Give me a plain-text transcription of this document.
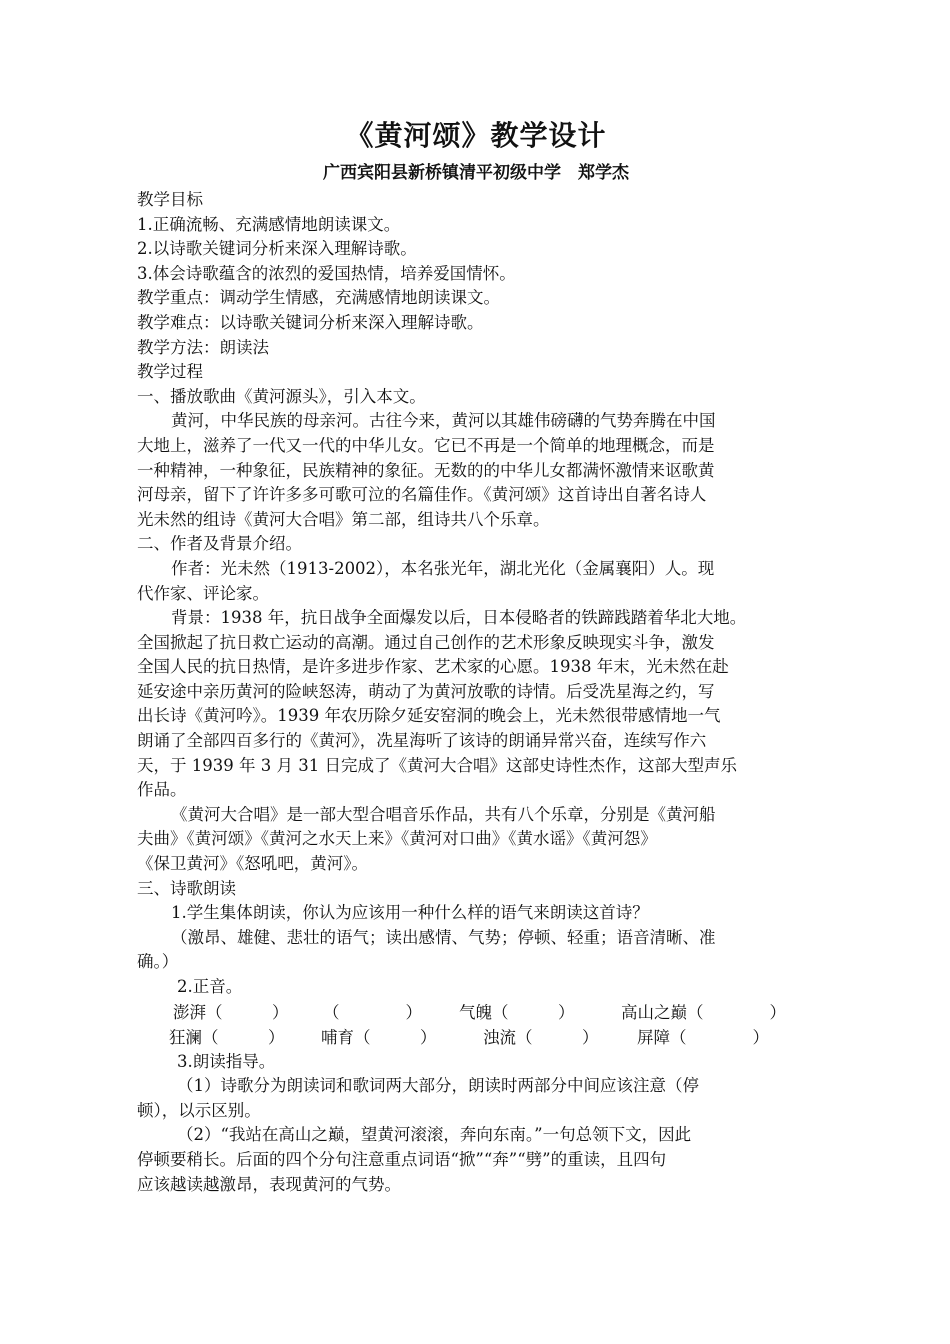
《黄河颂》教学设计
广西宾阳县新桥镇清平初级中学　郑学杰
教学目标
1.正确流畅、充满感情地朗读课文。
2.以诗歌关键词分析来深入理解诗歌。
3.体会诗歌蕴含的浓烈的爱国热情，培养爱国情怀。
教学重点：调动学生情感，充满感情地朗读课文。
教学难点：以诗歌关键词分析来深入理解诗歌。
教学方法：朗读法
教学过程
一、播放歌曲《黄河源头》，引入本文。
黄河，中华民族的母亲河。古往今来，黄河以其雄伟磅礴的气势奔腾在中国
大地上，滋养了一代又一代的中华儿女。它已不再是一个简单的地理概念，而是
一种精神，一种象征，民族精神的象征。无数的的中华儿女都满怀激情来讴歌黄
河母亲，留下了许许多多可歌可泣的名篇佳作。《黄河颂》这首诗出自著名诗人
光未然的组诗《黄河大合唱》第二部，组诗共八个乐章。
二、作者及背景介绍。
作者：光未然（1913-2002），本名张光年，湖北光化（金属襄阳）人。现
代作家、评论家。
背景：1938 年，抗日战争全面爆发以后，日本侵略者的铁蹄践踏着华北大地。
全国掀起了抗日救亡运动的高潮。通过自己创作的艺术形象反映现实斗争，激发
全国人民的抗日热情，是许多进步作家、艺术家的心愿。1938 年末，光未然在赴
延安途中亲历黄河的险峡怒涛，萌动了为黄河放歌的诗情。后受冼星海之约，写
出长诗《黄河吟》。1939 年农历除夕延安窑洞的晚会上，光未然很带感情地一气
朗诵了全部四百多行的《黄河》，冼星海听了该诗的朗诵异常兴奋，连续写作六
天，于 1939 年 3 月 31 日完成了《黄河大合唱》这部史诗性杰作，这部大型声乐
作品。
《黄河大合唱》是一部大型合唱音乐作品，共有八个乐章，分别是《黄河船
夫曲》《黄河颂》《黄河之水天上来》《黄河对口曲》《黄水谣》《黄河怨》
《保卫黄河》《怒吼吧，黄河》。
三、诗歌朗读
1.学生集体朗读，你认为应该用一种什么样的语气来朗读这首诗？
（激昂、雄健、悲壮的语气；读出感情、气势；停顿、轻重；语音清晰、准
确。）
2.正音。
澎湃（　　　）	（　　　　）	气魄（　　　）	高山之巅（　　　　）
狂澜（　　　）	哺育（　　　）	浊流（　　　）	屏障（　　　　）
3.朗读指导。
（1）诗歌分为朗读词和歌词两大部分，朗读时两部分中间应该注意（停
顿），以示区别。
（2）“我站在高山之巅，望黄河滚滚，奔向东南。”一句总领下文，因此
停顿要稍长。后面的四个分句注意重点词语“掀”“奔”“劈”的重读，且四句
应该越读越激昂，表现黄河的气势。
